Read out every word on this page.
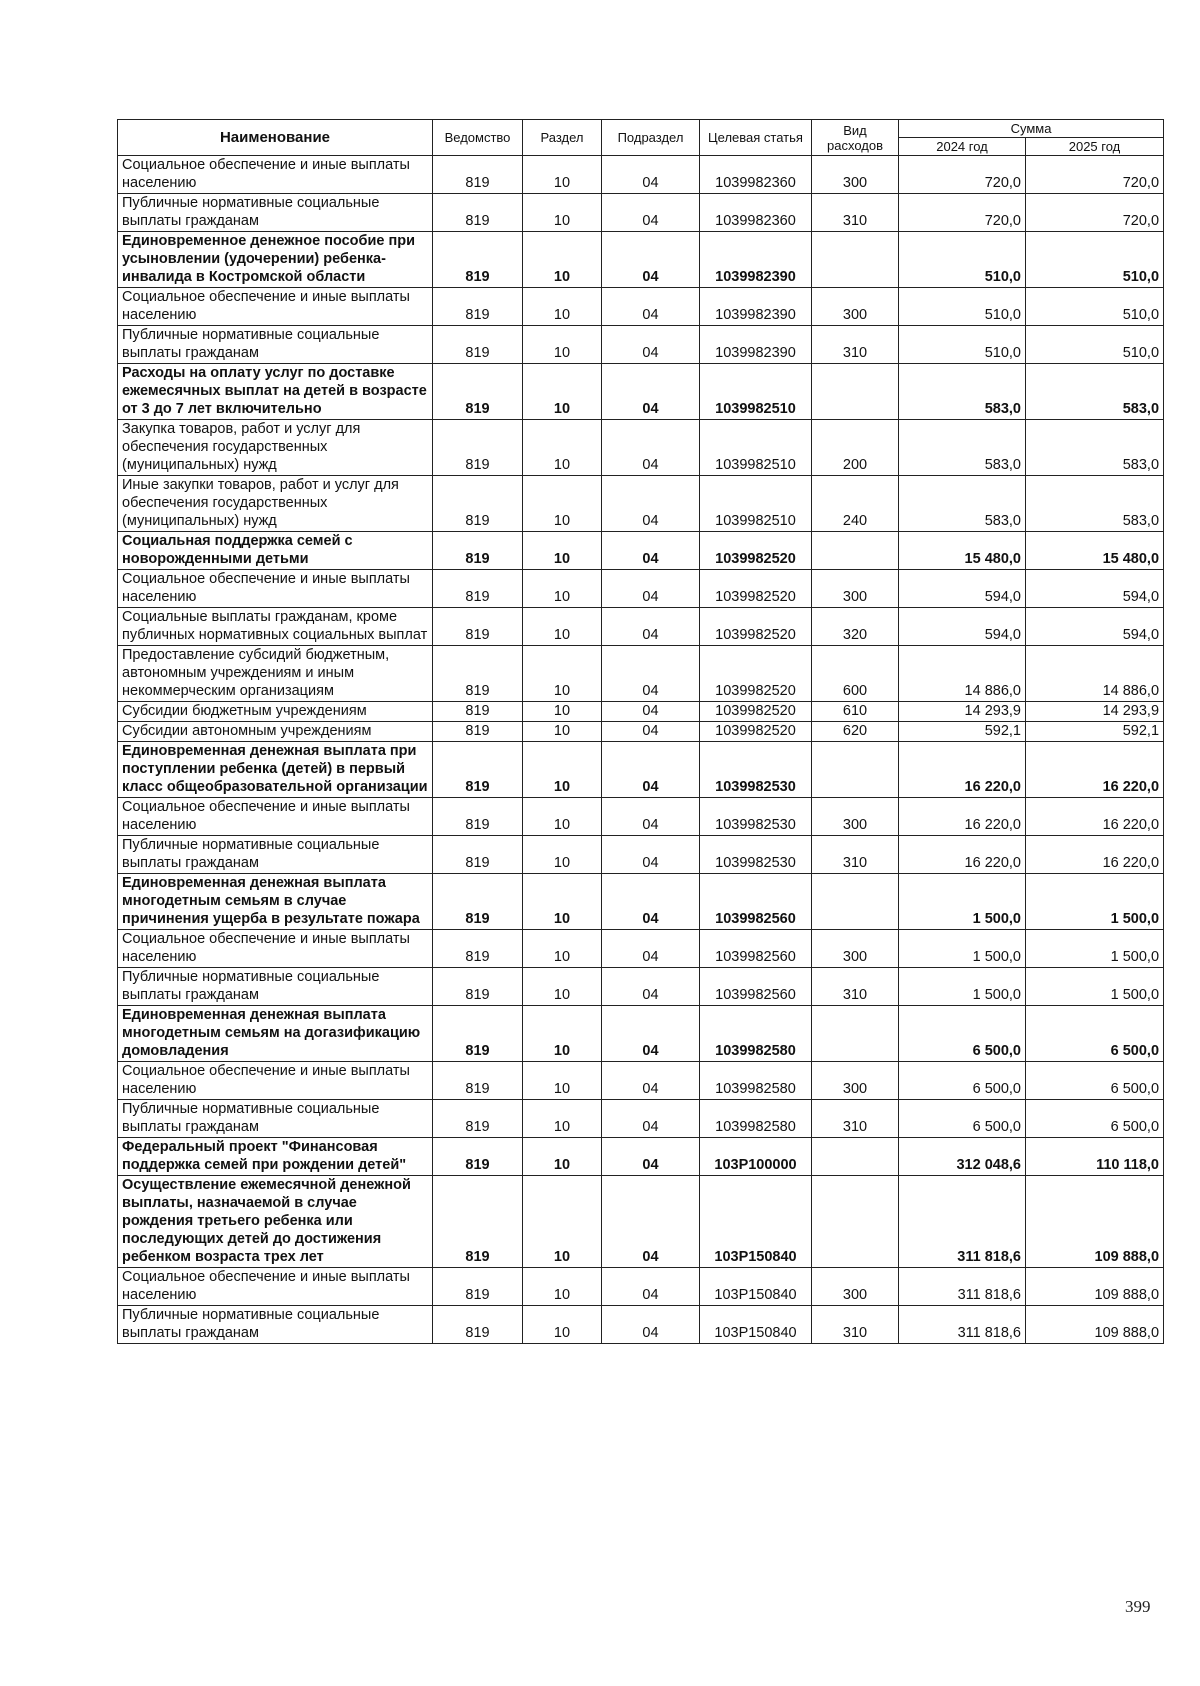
Наименование	Ведомство	Раздел	Подраздел	Целевая статья	Вид расходов	Сумма	
						2024 год	2025 год
Социальное обеспечение и иные выплаты населению	819	10	04	1039982360	300	720,0	720,0
Публичные нормативные социальные выплаты гражданам	819	10	04	1039982360	310	720,0	720,0
Единовременное денежное пособие при усыновлении (удочерении) ребенка-инвалида в Костромской области	819	10	04	1039982390		510,0	510,0
Социальное обеспечение и иные выплаты населению	819	10	04	1039982390	300	510,0	510,0
Публичные нормативные социальные выплаты гражданам	819	10	04	1039982390	310	510,0	510,0
Расходы на оплату услуг по доставке ежемесячных выплат на детей в возрасте от 3 до 7 лет включительно	819	10	04	1039982510		583,0	583,0
Закупка товаров, работ и услуг для обеспечения государственных (муниципальных) нужд	819	10	04	1039982510	200	583,0	583,0
Иные закупки товаров, работ и услуг для обеспечения государственных (муниципальных) нужд	819	10	04	1039982510	240	583,0	583,0
Социальная поддержка семей с новорожденными детьми	819	10	04	1039982520		15 480,0	15 480,0
Социальное обеспечение и иные выплаты населению	819	10	04	1039982520	300	594,0	594,0
Социальные выплаты гражданам, кроме публичных нормативных социальных выплат	819	10	04	1039982520	320	594,0	594,0
Предоставление субсидий бюджетным, автономным учреждениям и иным некоммерческим организациям	819	10	04	1039982520	600	14 886,0	14 886,0
Субсидии бюджетным учреждениям	819	10	04	1039982520	610	14 293,9	14 293,9
Субсидии автономным учреждениям	819	10	04	1039982520	620	592,1	592,1
Единовременная денежная выплата при поступлении ребенка (детей) в первый класс общеобразовательной организации	819	10	04	1039982530		16 220,0	16 220,0
Социальное обеспечение и иные выплаты населению	819	10	04	1039982530	300	16 220,0	16 220,0
Публичные нормативные социальные выплаты гражданам	819	10	04	1039982530	310	16 220,0	16 220,0
Единовременная денежная выплата многодетным семьям в случае причинения ущерба в результате пожара	819	10	04	1039982560		1 500,0	1 500,0
Социальное обеспечение и иные выплаты населению	819	10	04	1039982560	300	1 500,0	1 500,0
Публичные нормативные социальные выплаты гражданам	819	10	04	1039982560	310	1 500,0	1 500,0
Единовременная денежная выплата многодетным семьям на догазификацию домовладения	819	10	04	1039982580		6 500,0	6 500,0
Социальное обеспечение и иные выплаты населению	819	10	04	1039982580	300	6 500,0	6 500,0
Публичные нормативные социальные выплаты гражданам	819	10	04	1039982580	310	6 500,0	6 500,0
Федеральный проект "Финансовая поддержка семей при рождении детей"	819	10	04	103P100000		312 048,6	110 118,0
Осуществление ежемесячной денежной выплаты, назначаемой в случае рождения третьего ребенка или последующих детей до достижения ребенком возраста трех лет	819	10	04	103P150840		311 818,6	109 888,0
Социальное обеспечение и иные выплаты населению	819	10	04	103P150840	300	311 818,6	109 888,0
Публичные нормативные социальные выплаты гражданам	819	10	04	103P150840	310	311 818,6	109 888,0
399
